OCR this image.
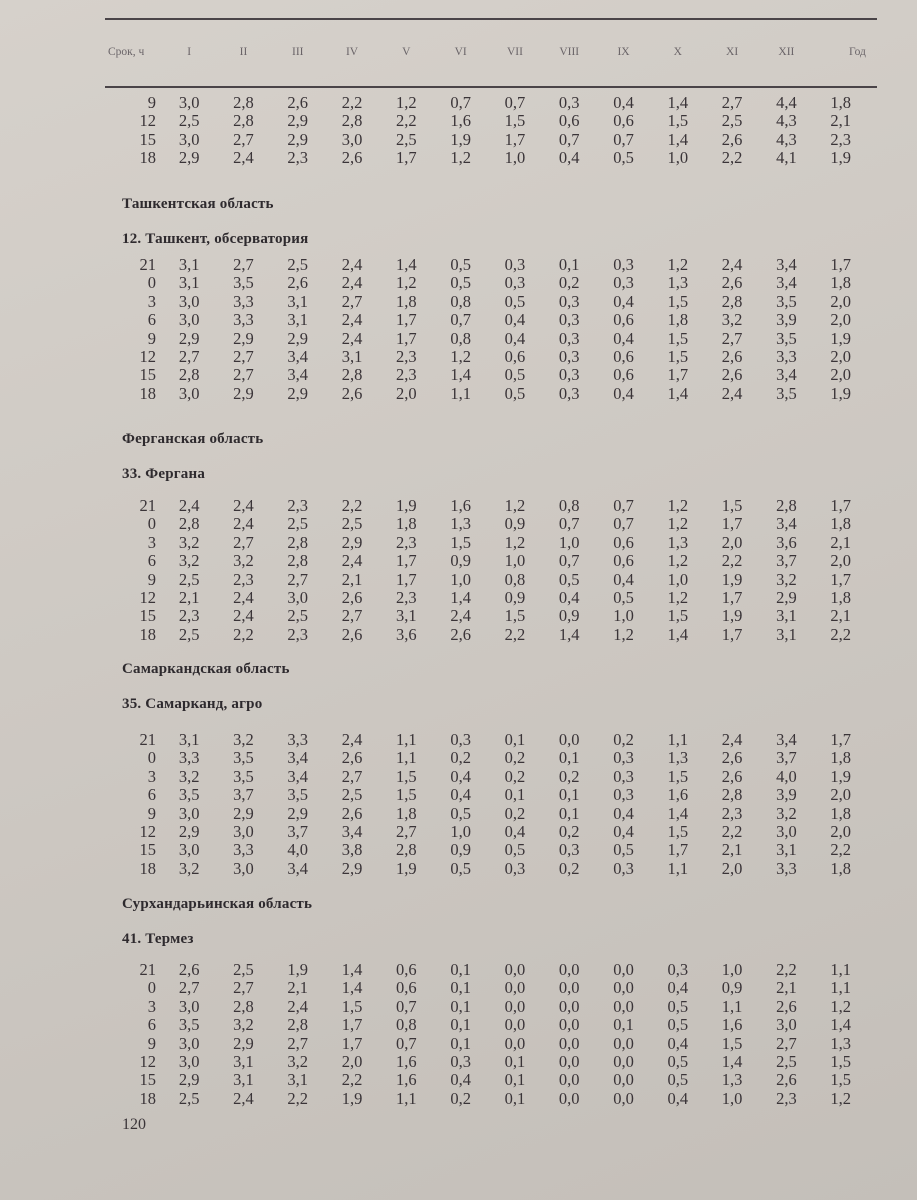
Срок, ч	I	II	III	IV	V	VI	VII	VIII	IX	X	XI	XII	Год
9	3,0	2,8	2,6	2,2	1,2	0,7	0,7	0,3	0,4	1,4	2,7	4,4	1,8
12	2,5	2,8	2,9	2,8	2,2	1,6	1,5	0,6	0,6	1,5	2,5	4,3	2,1
15	3,0	2,7	2,9	3,0	2,5	1,9	1,7	0,7	0,7	1,4	2,6	4,3	2,3
18	2,9	2,4	2,3	2,6	1,7	1,2	1,0	0,4	0,5	1,0	2,2	4,1	1,9
Ташкентская область
12. Ташкент, обсерватория
21	3,1	2,7	2,5	2,4	1,4	0,5	0,3	0,1	0,3	1,2	2,4	3,4	1,7
0	3,1	3,5	2,6	2,4	1,2	0,5	0,3	0,2	0,3	1,3	2,6	3,4	1,8
3	3,0	3,3	3,1	2,7	1,8	0,8	0,5	0,3	0,4	1,5	2,8	3,5	2,0
6	3,0	3,3	3,1	2,4	1,7	0,7	0,4	0,3	0,6	1,8	3,2	3,9	2,0
9	2,9	2,9	2,9	2,4	1,7	0,8	0,4	0,3	0,4	1,5	2,7	3,5	1,9
12	2,7	2,7	3,4	3,1	2,3	1,2	0,6	0,3	0,6	1,5	2,6	3,3	2,0
15	2,8	2,7	3,4	2,8	2,3	1,4	0,5	0,3	0,6	1,7	2,6	3,4	2,0
18	3,0	2,9	2,9	2,6	2,0	1,1	0,5	0,3	0,4	1,4	2,4	3,5	1,9
Ферганская область
33. Фергана
21	2,4	2,4	2,3	2,2	1,9	1,6	1,2	0,8	0,7	1,2	1,5	2,8	1,7
0	2,8	2,4	2,5	2,5	1,8	1,3	0,9	0,7	0,7	1,2	1,7	3,4	1,8
3	3,2	2,7	2,8	2,9	2,3	1,5	1,2	1,0	0,6	1,3	2,0	3,6	2,1
6	3,2	3,2	2,8	2,4	1,7	0,9	1,0	0,7	0,6	1,2	2,2	3,7	2,0
9	2,5	2,3	2,7	2,1	1,7	1,0	0,8	0,5	0,4	1,0	1,9	3,2	1,7
12	2,1	2,4	3,0	2,6	2,3	1,4	0,9	0,4	0,5	1,2	1,7	2,9	1,8
15	2,3	2,4	2,5	2,7	3,1	2,4	1,5	0,9	1,0	1,5	1,9	3,1	2,1
18	2,5	2,2	2,3	2,6	3,6	2,6	2,2	1,4	1,2	1,4	1,7	3,1	2,2
Самаркандская область
35. Самарканд, агро
21	3,1	3,2	3,3	2,4	1,1	0,3	0,1	0,0	0,2	1,1	2,4	3,4	1,7
0	3,3	3,5	3,4	2,6	1,1	0,2	0,2	0,1	0,3	1,3	2,6	3,7	1,8
3	3,2	3,5	3,4	2,7	1,5	0,4	0,2	0,2	0,3	1,5	2,6	4,0	1,9
6	3,5	3,7	3,5	2,5	1,5	0,4	0,1	0,1	0,3	1,6	2,8	3,9	2,0
9	3,0	2,9	2,9	2,6	1,8	0,5	0,2	0,1	0,4	1,4	2,3	3,2	1,8
12	2,9	3,0	3,7	3,4	2,7	1,0	0,4	0,2	0,4	1,5	2,2	3,0	2,0
15	3,0	3,3	4,0	3,8	2,8	0,9	0,5	0,3	0,5	1,7	2,1	3,1	2,2
18	3,2	3,0	3,4	2,9	1,9	0,5	0,3	0,2	0,3	1,1	2,0	3,3	1,8
Сурхандарьинская область
41. Термез
21	2,6	2,5	1,9	1,4	0,6	0,1	0,0	0,0	0,0	0,3	1,0	2,2	1,1
0	2,7	2,7	2,1	1,4	0,6	0,1	0,0	0,0	0,0	0,4	0,9	2,1	1,1
3	3,0	2,8	2,4	1,5	0,7	0,1	0,0	0,0	0,0	0,5	1,1	2,6	1,2
6	3,5	3,2	2,8	1,7	0,8	0,1	0,0	0,0	0,1	0,5	1,6	3,0	1,4
9	3,0	2,9	2,7	1,7	0,7	0,1	0,0	0,0	0,0	0,4	1,5	2,7	1,3
12	3,0	3,1	3,2	2,0	1,6	0,3	0,1	0,0	0,0	0,5	1,4	2,5	1,5
15	2,9	3,1	3,1	2,2	1,6	0,4	0,1	0,0	0,0	0,5	1,3	2,6	1,5
18	2,5	2,4	2,2	1,9	1,1	0,2	0,1	0,0	0,0	0,4	1,0	2,3	1,2
120
